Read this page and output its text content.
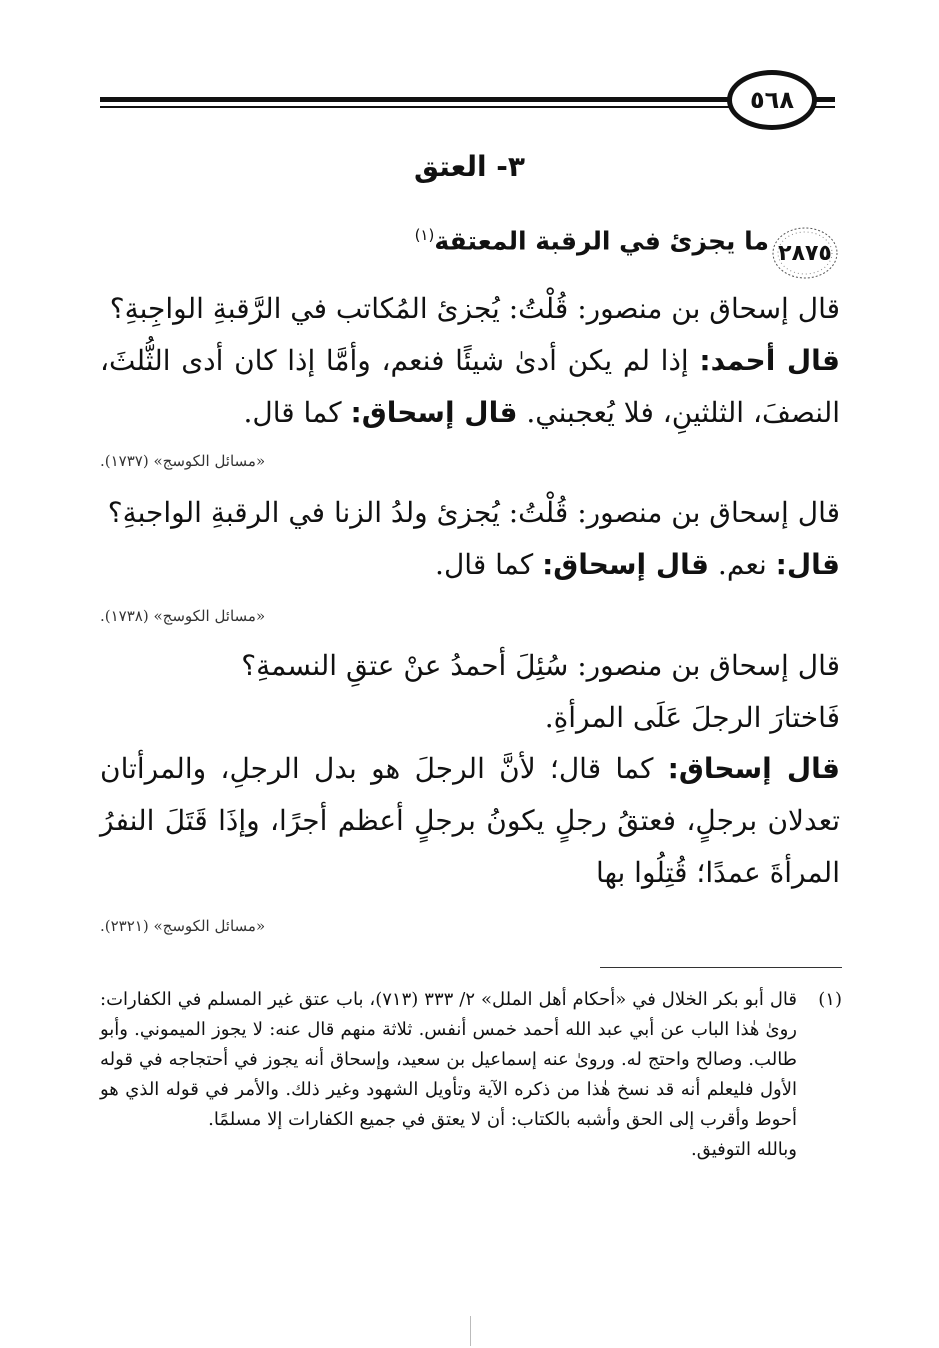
٥٦٨
٣- العتق
٢٨٧٥
ما يجزئ في الرقبة المعتقة$^{(١)}$
قال إسحاق بن منصور: قُلْتُ: يُجزئ المُكاتب في الرَّقبةِ الواجِبةِ؟
قال أحمد: إذا لم يكن أدىٰ شيئًا فنعم، وأمَّا إذا كان أدى الثُّلثَ، النصفَ، الثلثينِ، فلا يُعجبني. قال إسحاق: كما قال.
«مسائل الكوسج» (١٧٣٧).
قال إسحاق بن منصور: قُلْتُ: يُجزئ ولدُ الزنا في الرقبةِ الواجبةِ؟
قال: نعم. قال إسحاق: كما قال.
«مسائل الكوسج» (١٧٣٨).
قال إسحاق بن منصور: سُئِلَ أحمدُ عنْ عتقِ النسمةِ؟
فَاختارَ الرجلَ عَلَى المرأةِ.
قال إسحاق: كما قال؛ لأنَّ الرجلَ هو بدل الرجلِ، والمرأتان تعدلان برجلٍ، فعتقُ رجلٍ يكونُ برجلٍ أعظم أجرًا، وإذَا قَتَلَ النفرُ المرأةَ عمدًا؛ قُتِلُوا بها
«مسائل الكوسج» (٢٣٢١).
(١)
قال أبو بكر الخلال في «أحكام أهل الملل» ٢/ ٣٣٣ (٧١٣)، باب عتق غير المسلم في الكفارات: روىٰ هٰذا الباب عن أبي عبد الله أحمد خمس أنفس. ثلاثة منهم قال عنه: لا يجوز الميموني. وأبو طالب. وصالح واحتج له. وروىٰ عنه إسماعيل بن سعيد، وإسحاق أنه يجوز في أحتجاجه في قوله الأول فليعلم أنه قد نسخ هٰذا من ذكره الآية وتأويل الشهود وغير ذلك. والأمر في قوله الذي هو أحوط وأقرب إلى الحق وأشبه بالكتاب: أن لا يعتق في جميع الكفارات إلا مسلمًا.
وبالله التوفيق.
